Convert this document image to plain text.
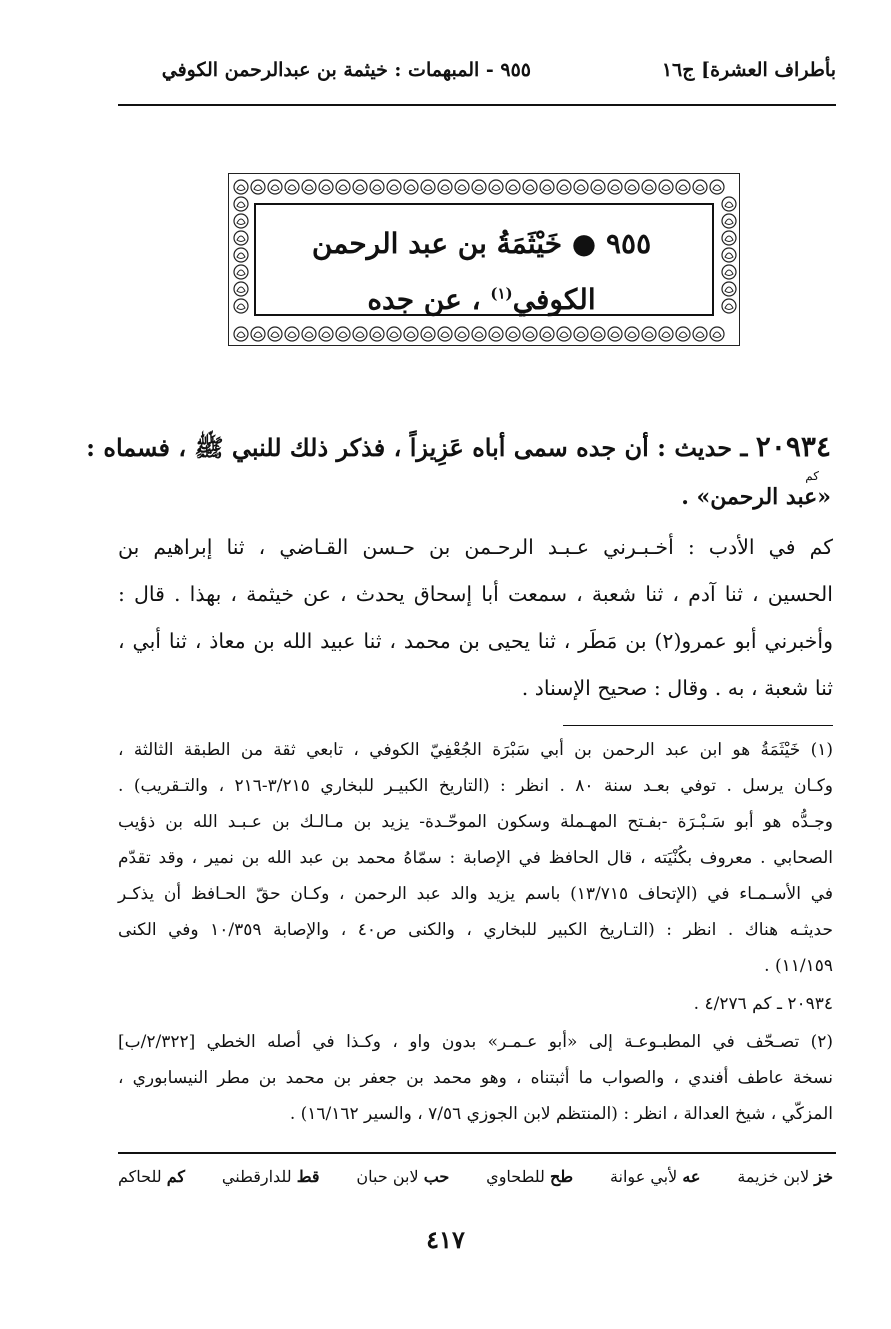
بأطراف العشرة] ج١٦
٩٥٥ - المبهمات : خيثمة بن عبدالرحمن الكوفي
٩٥٥ ● خَيْثَمَةُ بن عبد الرحمن
الكوفي$^{(١)}$ ، عن جده
٢٠٩٣٤ ـ حديث : أن جده سمى أباه عَزِيزاً ، فذكر ذلك للنبي ﷺ ، فسماه :
كم
«عبد الرحمن» .
كم في الأدب : أخـبـرني عـبـد الرحـمن بن حـسن القـاضي ، ثنا إبراهيم بن
الحسين ، ثنا آدم ، ثنا شعبة ، سمعت أبا إسحاق يحدث ، عن خيثمة ، بهذا . قال :
وأخبرني أبو عمرو(٢) بن مَطَر ، ثنا يحيى بن محمد ، ثنا عبيد الله بن معاذ ، ثنا أبي ،
ثنا شعبة ، به . وقال : صحيح الإسناد .
(١) خَيْثَمَةُ هو ابن عبد الرحمن بن أبي سَبْرَة الجُعْفِيّ الكوفي ، تابعي ثقة من الطبقة الثالثة ،
وكـان يرسل . توفي بعـد سنة ٨٠ . انظر : (التاريخ الكبيـر للبخاري ٣/٢١٥-٢١٦ ، والتـقريب) .
وجـدُّه هو أبو سَـبْـرَة -بفـتح المهـملة وسكون الموحّـدة- يزيد بن مـالـك بن عـبـد الله بن ذؤيب
الصحابي . معروف بكُنْيَته ، قال الحافظ في الإصابة : سمّاهُ محمد بن عبد الله بن نمير ، وقد تقدّم
في الأسـمـاء في (الإتحاف ١٣/٧١٥) باسم يزيد والد عبد الرحمن ، وكـان حقّ الحـافظ أن يذكـر
حديثـه هناك . انظر : (التـاريخ الكبير للبخاري ، والكنى ص٤٠ ، والإصابة ١٠/٣٥٩ وفي الكنى
١١/١٥٩) .
٢٠٩٣٤ ـ كم ٤/٢٧٦ .
(٢) تصـحّف في المطبـوعـة إلى «أبو عـمـر» بدون واو ، وكـذا في أصله الخطي [٢/٣٢٢/ب]
نسخة عاطف أفندي ، والصواب ما أثبتناه ، وهو محمد بن جعفر بن محمد بن مطر النيسابوري ،
المزكّي ، شيخ العدالة ، انظر : (المنتظم لابن الجوزي ٧/٥٦ ، والسير ١٦/١٦٢) .
خز لابن خزيمة
عه لأبي عوانة
طح للطحاوي
حب لابن حبان
قط للدارقطني
كم للحاكم
٤١٧
